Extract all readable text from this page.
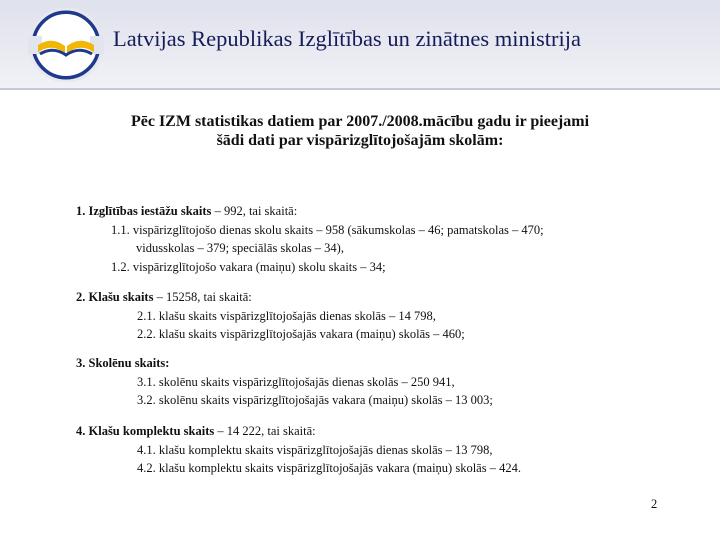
Latvijas Republikas Izglītības un zinātnes ministrija
Pēc IZM statistikas datiem par 2007./2008.mācību gadu ir pieejami
šādi dati par vispārizglītojošajām skolām:
1. Izglītības iestāžu skaits – 992, tai skaitā:
1.1. vispārizglītojošo dienas skolu skaits – 958 (sākumskolas – 46; pamatskolas – 470;
vidusskolas – 379; speciālās skolas – 34),
1.2. vispārizglītojošo vakara (maiņu) skolu skaits – 34;
2. Klašu skaits – 15258, tai skaitā:
2.1. klašu skaits vispārizglītojošajās dienas skolās – 14 798,
2.2. klašu skaits vispārizglītojošajās vakara (maiņu) skolās – 460;
3. Skolēnu skaits:
3.1. skolēnu skaits vispārizglītojošajās dienas skolās – 250 941,
3.2. skolēnu skaits vispārizglītojošajās vakara (maiņu) skolās – 13 003;
4. Klašu komplektu skaits – 14 222, tai skaitā:
4.1. klašu komplektu skaits vispārizglītojošajās dienas skolās – 13 798,
4.2. klašu komplektu skaits vispārizglītojošajās vakara (maiņu) skolās – 424.
2
